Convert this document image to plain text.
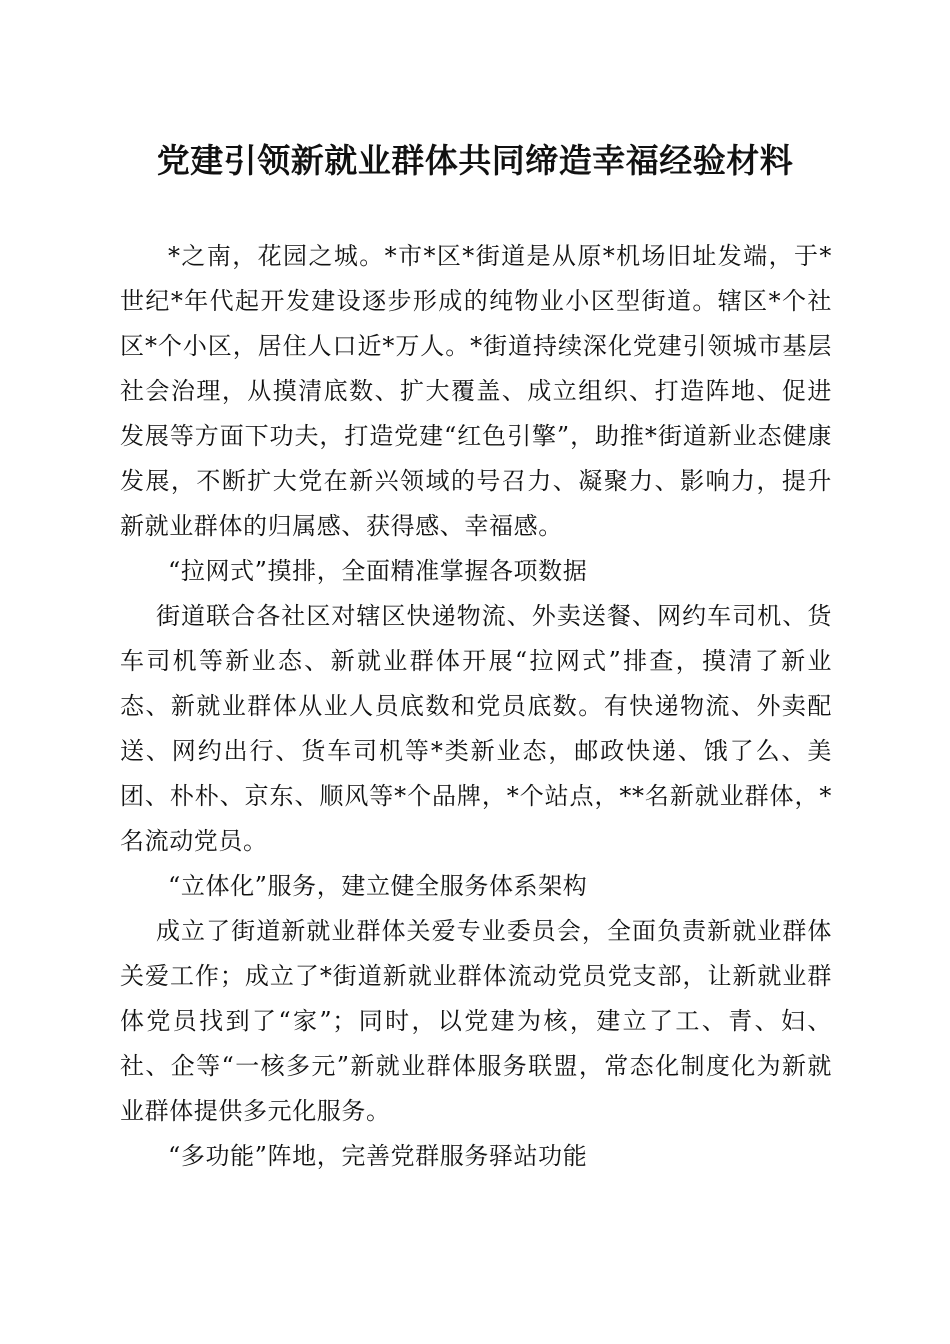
党建引领新就业群体共同缔造幸福经验材料

*之南，花园之城。*市*区*街道是从原*机场旧址发端，于*世纪*年代起开发建设逐步形成的纯物业小区型街道。辖区*个社区*个小区，居住人口近*万人。*街道持续深化党建引领城市基层社会治理，从摸清底数、扩大覆盖、成立组织、打造阵地、促进发展等方面下功夫，打造党建“红色引擎”，助推*街道新业态健康发展，不断扩大党在新兴领域的号召力、凝聚力、影响力，提升新就业群体的归属感、获得感、幸福感。

“拉网式”摸排，全面精准掌握各项数据

街道联合各社区对辖区快递物流、外卖送餐、网约车司机、货车司机等新业态、新就业群体开展“拉网式”排查，摸清了新业态、新就业群体从业人员底数和党员底数。有快递物流、外卖配送、网约出行、货车司机等*类新业态，邮政快递、饿了么、美团、朴朴、京东、顺风等*个品牌，*个站点，**名新就业群体，*名流动党员。

“立体化”服务，建立健全服务体系架构

成立了街道新就业群体关爱专业委员会，全面负责新就业群体关爱工作；成立了*街道新就业群体流动党员党支部，让新就业群体党员找到了“家”；同时，以党建为核，建立了工、青、妇、社、企等“一核多元”新就业群体服务联盟，常态化制度化为新就业群体提供多元化服务。

“多功能”阵地，完善党群服务驿站功能
